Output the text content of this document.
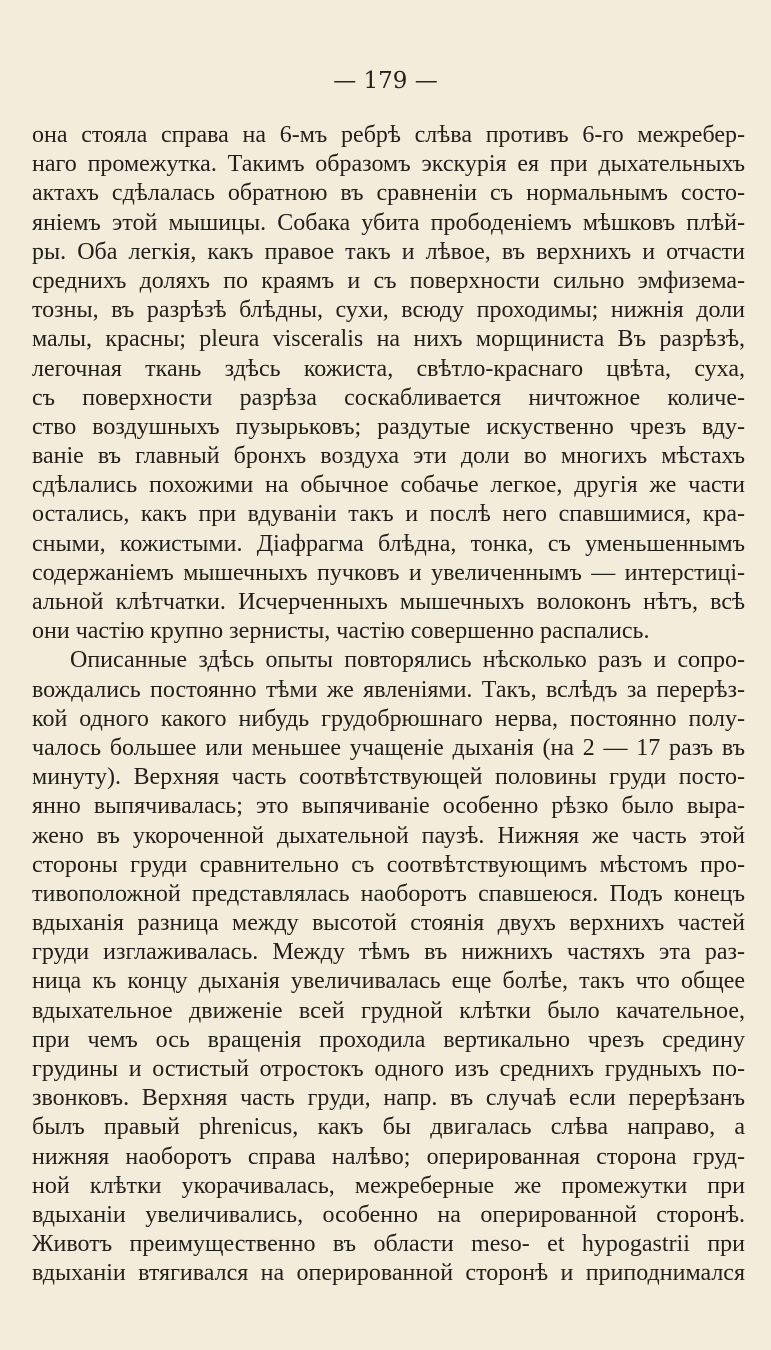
— 179 —
она стояла справа на 6-мъ ребрѣ слѣва противъ 6-го межребер-
наго промежутка. Такимъ образомъ экскурія ея при дыхательныхъ
актахъ сдѣлалась обратною въ сравненіи съ нормальнымъ состо-
яніемъ этой мышицы. Собака убита прободеніемъ мѣшковъ плѣй-
ры. Оба легкія, какъ правое такъ и лѣвое, въ верхнихъ и отчасти
среднихъ доляхъ по краямъ и съ поверхности сильно эмфизема-
тозны, въ разрѣзѣ блѣдны, сухи, всюду проходимы; нижнія доли
малы, красны; pleura visceralis на нихъ морщиниста Въ разрѣзѣ,
легочная ткань здѣсь кожиста, свѣтло-краснаго цвѣта, суха,
съ поверхности разрѣза соскабливается ничтожное количе-
ство воздушныхъ пузырьковъ; раздутые искуственно чрезъ вду-
ваніе въ главный бронхъ воздуха эти доли во многихъ мѣстахъ
сдѣлались похожими на обычное собачье легкое, другія же части
остались, какъ при вдуваніи такъ и послѣ него спавшимися, кра-
сными, кожистыми. Діафрагма блѣдна, тонка, съ уменьшеннымъ
содержаніемъ мышечныхъ пучковъ и увеличеннымъ — интерстиці-
альной клѣтчатки. Исчерченныхъ мышечныхъ волоконъ нѣтъ, всѣ
они частію крупно зернисты, частію совершенно распались.
Описанные здѣсь опыты повторялись нѣсколько разъ и сопро-
вождались постоянно тѣми же явленіями. Такъ, вслѣдъ за перерѣз-
кой одного какого нибудь грудобрюшнаго нерва, постоянно полу-
чалось большее или меньшее учащеніе дыханія (на 2 — 17 разъ въ
минуту). Верхняя часть соотвѣтствующей половины груди посто-
янно выпячивалась; это выпячиваніе особенно рѣзко было выра-
жено въ укороченной дыхательной паузѣ. Нижняя же часть этой
стороны груди сравнительно съ соотвѣтствующимъ мѣстомъ про-
тивоположной представлялась наоборотъ спавшеюся. Подъ конецъ
вдыханія разница между высотой стоянія двухъ верхнихъ частей
груди изглаживалась. Между тѣмъ въ нижнихъ частяхъ эта раз-
ница къ концу дыханія увеличивалась еще болѣе, такъ что общее
вдыхательное движеніе всей грудной клѣтки было качательное,
при чемъ ось вращенія проходила вертикально чрезъ средину
грудины и остистый отростокъ одного изъ среднихъ грудныхъ по-
звонковъ. Верхняя часть груди, напр. въ случаѣ если перерѣзанъ
былъ правый phrenicus, какъ бы двигалась слѣва направо, а
нижняя наоборотъ справа налѣво; оперированная сторона груд-
ной клѣтки укорачивалась, межреберные же промежутки при
вдыханіи увеличивались, особенно на оперированной сторонѣ.
Животъ преимущественно въ области meso- et hypogastrii при
вдыханіи втягивался на оперированной сторонѣ и приподнимался
